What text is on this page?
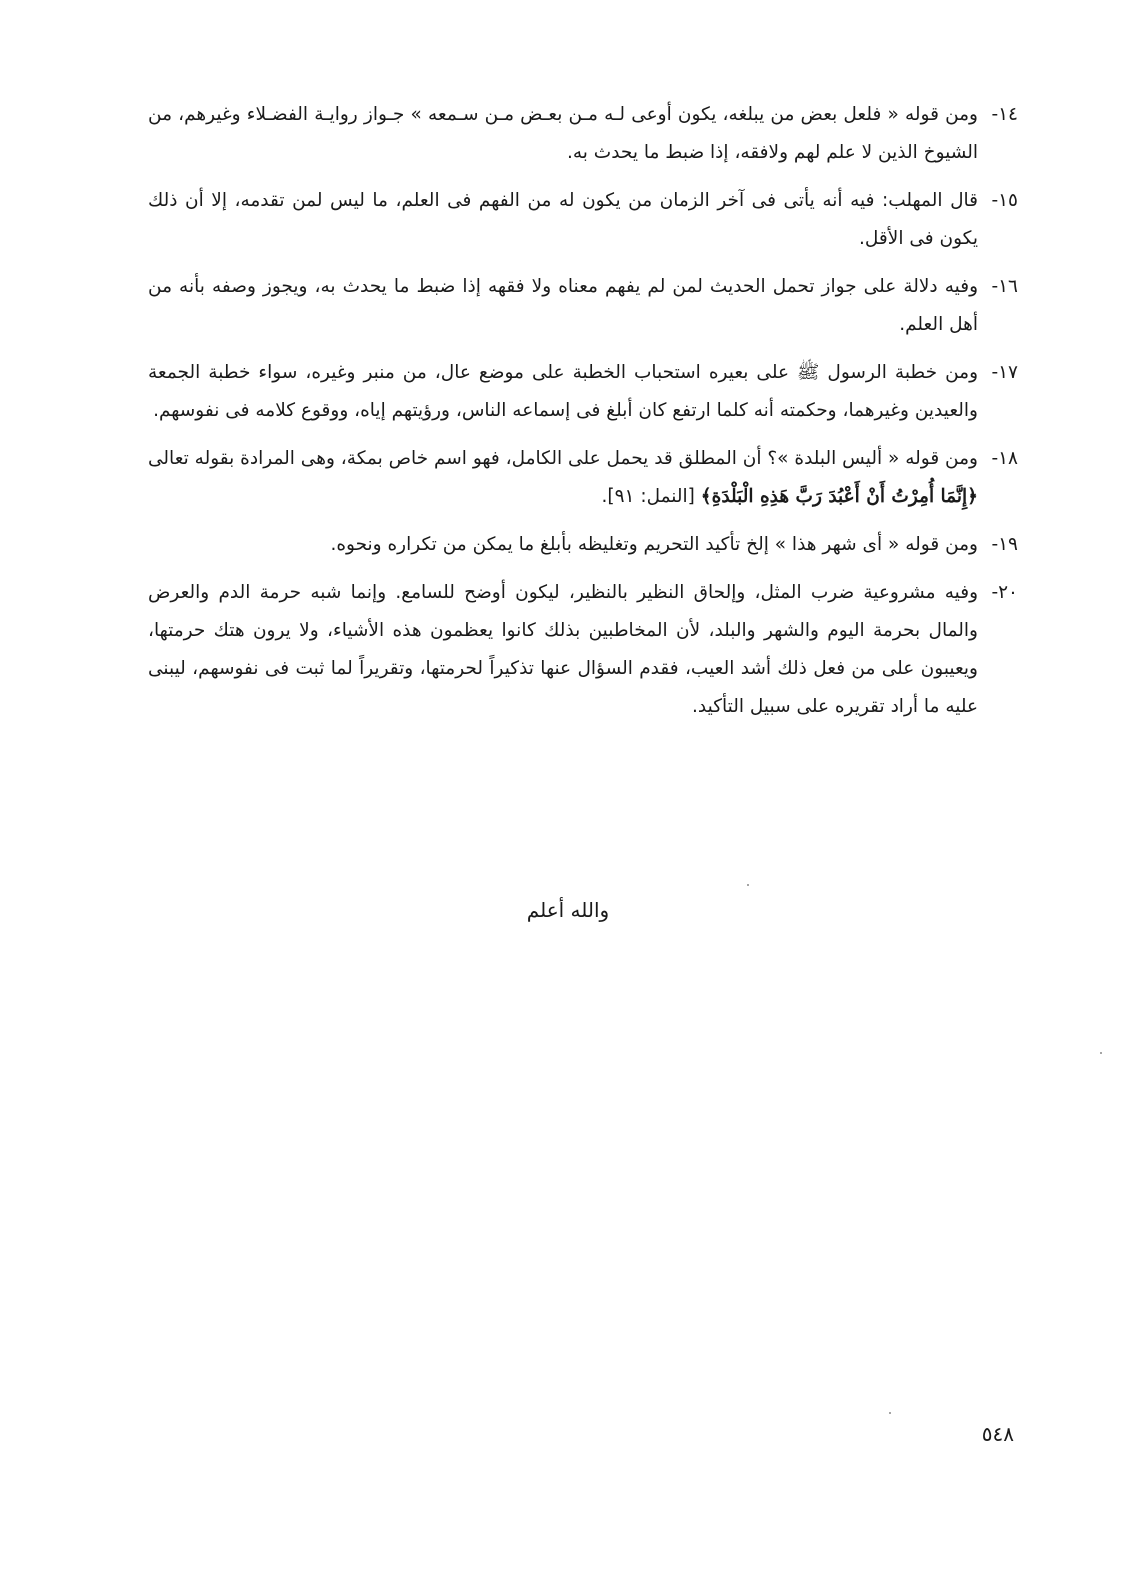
١٤-
ومن قوله « فلعل بعض من يبلغه، يكون أوعى لـه مـن بعـض مـن سـمعه » جـواز روايـة الفضـلاء وغيرهم، من الشيوخ الذين لا علم لهم ولافقه، إذا ضبط ما يحدث به.
١٥-
قال المهلب: فيه أنه يأتى فى آخر الزمان من يكون له من الفهم فى العلم، ما ليس لمن تقدمه، إلا أن ذلك يكون فى الأقل.
١٦-
وفيه دلالة على جواز تحمل الحديث لمن لم يفهم معناه ولا فقهه إذا ضبط ما يحدث به، ويجوز وصفه بأنه من أهل العلم.
١٧-
ومن خطبة الرسول ﷺ على بعيره استحباب الخطبة على موضع عال، من منبر وغيره، سواء خطبة الجمعة والعيدين وغيرهما، وحكمته أنه كلما ارتفع كان أبلغ فى إسماعه الناس، ورؤيتهم إياه، ووقوع كلامه فى نفوسهم.
١٨-
ومن قوله « أليس البلدة »؟ أن المطلق قد يحمل على الكامل، فهو اسم خاص بمكة، وهى المرادة بقوله تعالى ﴿إِنَّمَا أُمِرْتُ أَنْ أَعْبُدَ رَبَّ هَذِهِ الْبَلْدَةِ﴾ [النمل: ٩١].
١٩-
ومن قوله « أى شهر هذا » إلخ تأكيد التحريم وتغليظه بأبلغ ما يمكن من تكراره ونحوه.
٢٠-
وفيه مشروعية ضرب المثل، وإلحاق النظير بالنظير، ليكون أوضح للسامع. وإنما شبه حرمة الدم والعرض والمال بحرمة اليوم والشهر والبلد، لأن المخاطبين بذلك كانوا يعظمون هذه الأشياء، ولا يرون هتك حرمتها، ويعيبون على من فعل ذلك أشد العيب، فقدم السؤال عنها تذكيراً لحرمتها، وتقريراً لما ثبت فى نفوسهم، ليبنى عليه ما أراد تقريره على سبيل التأكيد.
والله أعلم
٥٤٨
